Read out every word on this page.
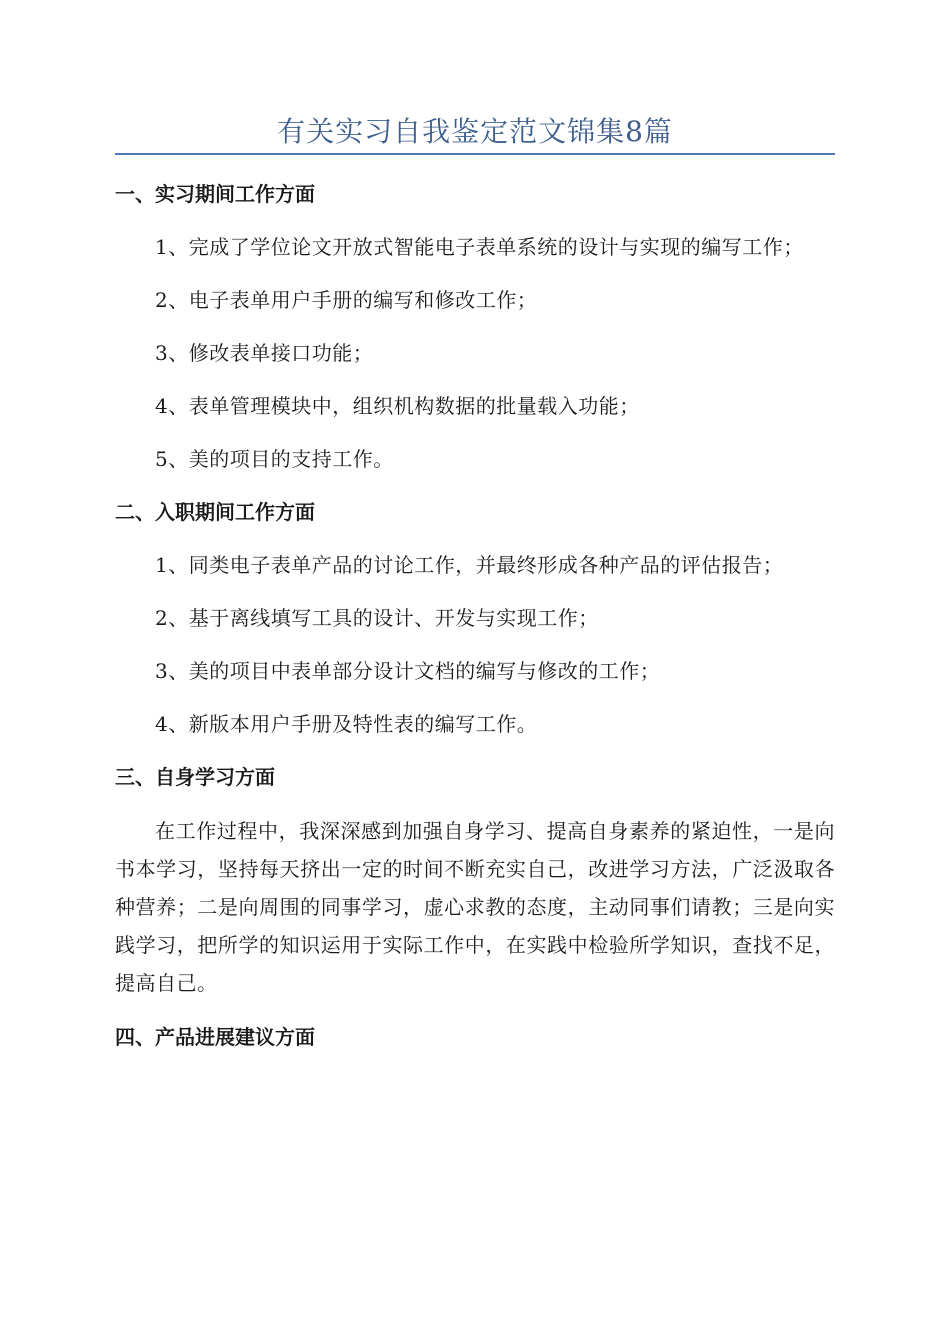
有关实习自我鉴定范文锦集8篇
一、实习期间工作方面

1、完成了学位论文开放式智能电子表单系统的设计与实现的编写工作；

2、电子表单用户手册的编写和修改工作；

3、修改表单接口功能；

4、表单管理模块中，组织机构数据的批量载入功能；

5、美的项目的支持工作。

二、入职期间工作方面

1、同类电子表单产品的讨论工作，并最终形成各种产品的评估报告；

2、基于离线填写工具的设计、开发与实现工作；

3、美的项目中表单部分设计文档的编写与修改的工作；

4、新版本用户手册及特性表的编写工作。

三、自身学习方面

在工作过程中，我深深感到加强自身学习、提高自身素养的紧迫性，一是向书本学习，坚持每天挤出一定的时间不断充实自己，改进学习方法，广泛汲取各种营养；二是向周围的同事学习，虚心求教的态度，主动同事们请教；三是向实践学习，把所学的知识运用于实际工作中，在实践中检验所学知识，查找不足，提高自己。

四、产品进展建议方面
